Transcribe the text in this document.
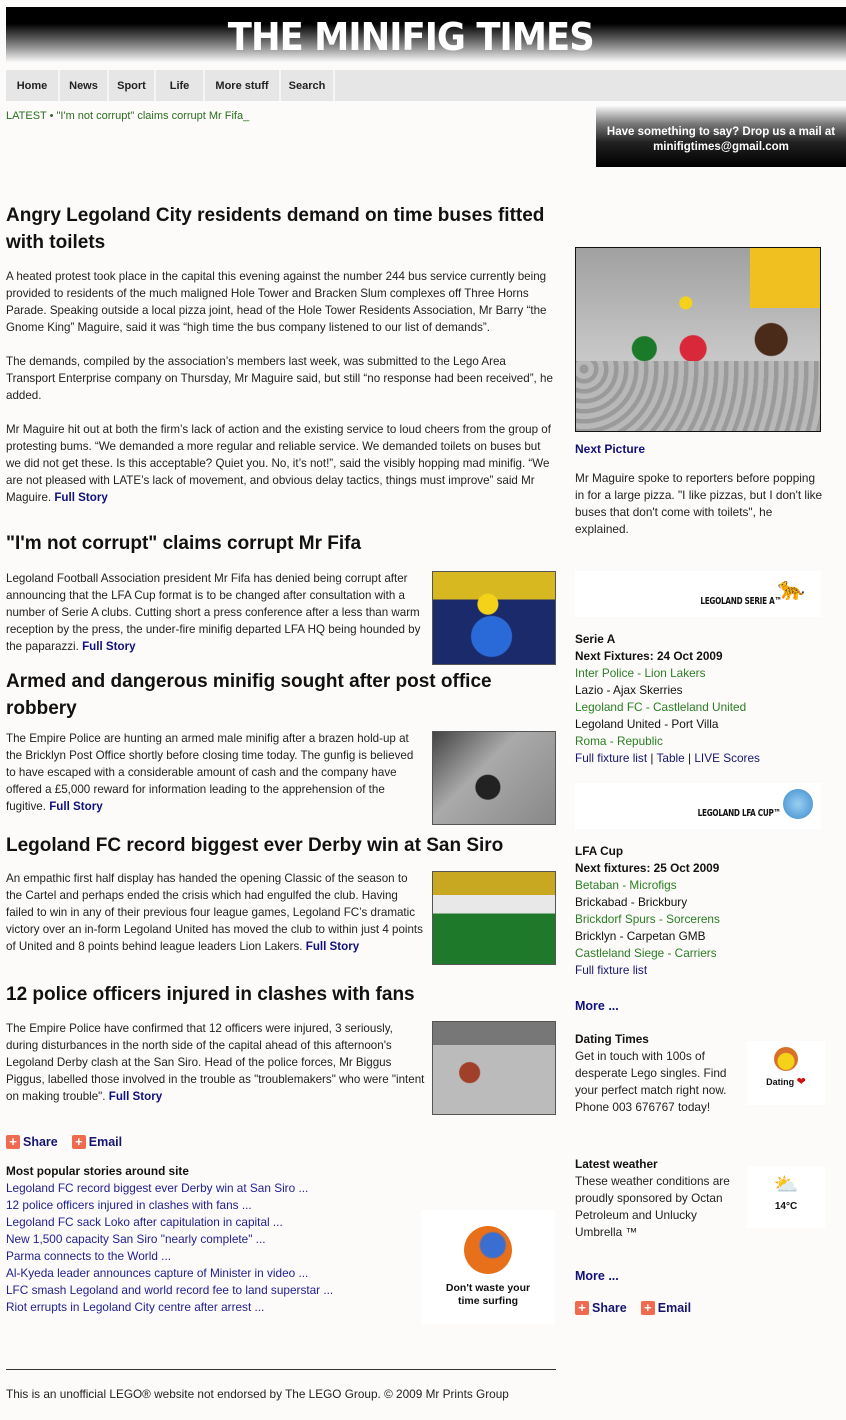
THE MINIFIG TIMES
Home	News	Sport	Life	More stuff	Search
LATEST • "I'm not corrupt" claims corrupt Mr Fifa_
Have something to say? Drop us a mail at
minifigtimes@gmail.com
Angry Legoland City residents demand on time buses fitted with toilets

A heated protest took place in the capital this evening against the number 244 bus service currently being provided to residents of the much maligned Hole Tower and Bracken Slum complexes off Three Horns Parade. Speaking outside a local pizza joint, head of the Hole Tower Residents Association, Mr Barry “the Gnome King” Maguire, said it was “high time the bus company listened to our list of demands”.

The demands, compiled by the association’s members last week, was submitted to the Lego Area Transport Enterprise company on Thursday, Mr Maguire said, but still “no response had been received”, he added.

Mr Maguire hit out at both the firm’s lack of action and the existing service to loud cheers from the group of protesting bums. “We demanded a more regular and reliable service. We demanded toilets on buses but we did not get these. Is this acceptable? Quiet you. No, it’s not!”, said the visibly hopping mad minifig. “We are not pleased with LATE’s lack of movement, and obvious delay tactics, things must improve” said Mr Maguire. Full Story

"I'm not corrupt" claims corrupt Mr Fifa

Legoland Football Association president Mr Fifa has denied being corrupt after announcing that the LFA Cup format is to be changed after consultation with a number of Serie A clubs. Cutting short a press conference after a less than warm reception by the press, the under-fire minifig departed LFA HQ being hounded by the paparazzi. Full Story

Armed and dangerous minifig sought after post office robbery

The Empire Police are hunting an armed male minifig after a brazen hold-up at the Bricklyn Post Office shortly before closing time today. The gunfig is believed to have escaped with a considerable amount of cash and the company have offered a £5,000 reward for information leading to the apprehension of the fugitive. Full Story

Legoland FC record biggest ever Derby win at San Siro

An empathic first half display has handed the opening Classic of the season to the Cartel and perhaps ended the crisis which had engulfed the club. Having failed to win in any of their previous four league games, Legoland FC’s dramatic victory over an in-form Legoland United has moved the club to within just 4 points of United and 8 points behind league leaders Lion Lakers. Full Story

12 police officers injured in clashes with fans

The Empire Police have confirmed that 12 officers were injured, 3 seriously, during disturbances in the north side of the capital ahead of this afternoon's Legoland Derby clash at the San Siro. Head of the police forces, Mr Biggus Piggus, labelled those involved in the trouble as "troublemakers" who were "intent on making trouble". Full Story

+ Share + Email
Most popular stories around site
Legoland FC record biggest ever Derby win at San Siro ...
12 police officers injured in clashes with fans ...
Legoland FC sack Loko after capitulation in capital ...
New 1,500 capacity San Siro "nearly complete" ...
Parma connects to the World ...
Al-Kyeda leader announces capture of Minister in video ...
LFC smash Legoland and world record fee to land superstar ...
Riot errupts in Legoland City centre after arrest ...
Don't waste your
time surfing
This is an unofficial LEGO® website not endorsed by The LEGO Group. © 2009 Mr Prints Group
Next Picture

Mr Maguire spoke to reporters before popping in for a large pizza. "I like pizzas, but I don't like buses that don't come with toilets", he explained.

LEGOLAND SERIE A™
🐆
Serie A
Next Fixtures: 24 Oct 2009
Inter Police - Lion Lakers
Lazio - Ajax Skerries
Legoland FC - Castleland United
Legoland United - Port Villa
Roma - Republic
Full fixture list | Table | LIVE Scores
LEGOLAND LFA CUP™
LFA Cup
Next fixtures: 25 Oct 2009
Betaban - Microfigs
Brickabad - Brickbury
Brickdorf Spurs - Sorcerens
Bricklyn - Carpetan GMB
Castleland Siege - Carriers
Full fixture list
More ...
Dating Times

Get in touch with 100s of desperate Lego singles. Find your perfect match right now. Phone 003 676767 today!

Dating ❤
Latest weather

These weather conditions are proudly sponsored by Octan Petroleum and Unlucky Umbrella ™

⛅
14°C
More ...
+ Share + Email
